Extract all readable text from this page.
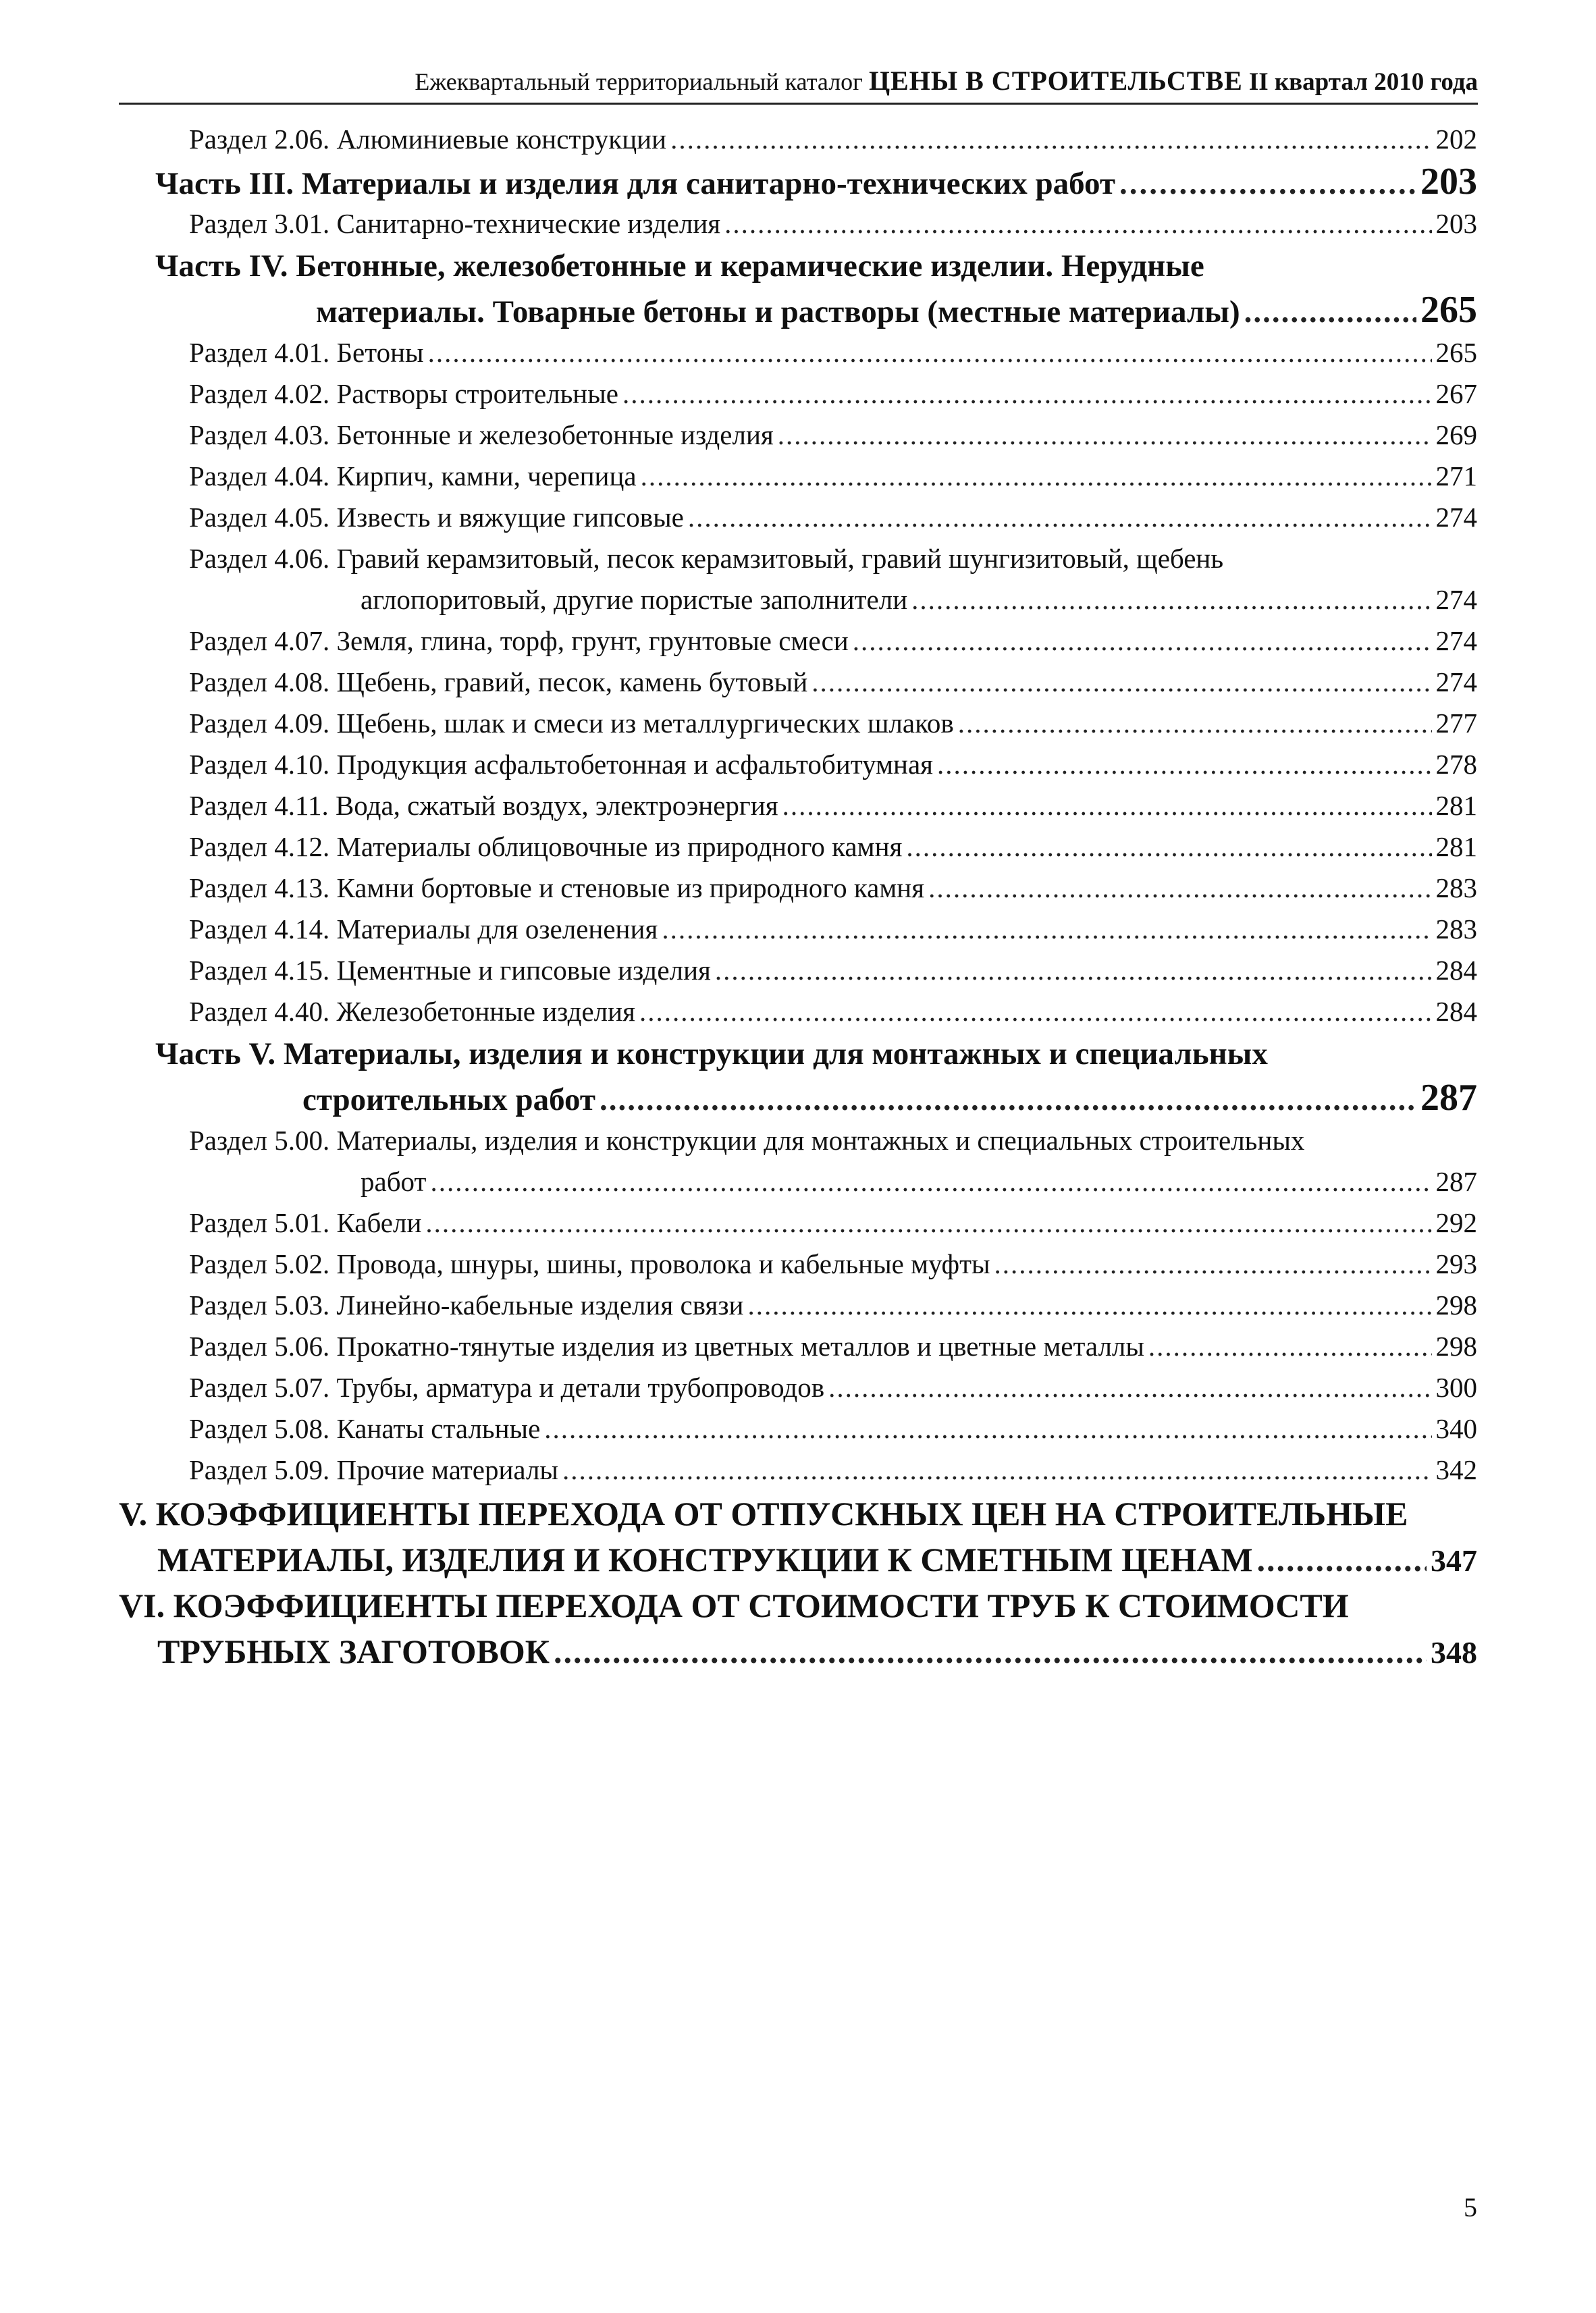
Ежеквартальный территориальный каталог ЦЕНЫ В СТРОИТЕЛЬСТВЕ II квартал 2010 года
Раздел 2.06. Алюминиевые конструкции .....	202
Часть III. Материалы и изделия для санитарно-технических работ .....	203
Раздел 3.01. Санитарно-технические изделия .....	203
Часть IV. Бетонные, железобетонные и керамические изделии. Нерудные
материалы. Товарные бетоны и растворы (местные материалы) .....	265
Раздел 4.01. Бетоны .....	265
Раздел 4.02. Растворы строительные .....	267
Раздел 4.03. Бетонные и железобетонные изделия .....	269
Раздел 4.04. Кирпич, камни, черепица .....	271
Раздел 4.05. Известь и вяжущие гипсовые .....	274
Раздел 4.06. Гравий керамзитовый, песок керамзитовый, гравий шунгизитовый, щебень
аглопоритовый, другие пористые заполнители .....	274
Раздел 4.07. Земля, глина, торф, грунт, грунтовые смеси .....	274
Раздел 4.08. Щебень, гравий, песок, камень бутовый .....	274
Раздел 4.09. Щебень, шлак и смеси из металлургических шлаков .....	277
Раздел 4.10. Продукция асфальтобетонная и асфальтобитумная .....	278
Раздел 4.11. Вода, сжатый воздух, электроэнергия .....	281
Раздел 4.12. Материалы облицовочные из природного камня .....	281
Раздел 4.13. Камни бортовые и стеновые из природного камня .....	283
Раздел 4.14. Материалы для озеленения .....	283
Раздел 4.15. Цементные и гипсовые изделия .....	284
Раздел 4.40. Железобетонные изделия .....	284
Часть V. Материалы, изделия и конструкции для монтажных и специальных
строительных работ .....	287
Раздел 5.00. Материалы, изделия и конструкции для монтажных и специальных строительных
работ .....	287
Раздел 5.01. Кабели .....	292
Раздел 5.02. Провода, шнуры, шины, проволока и кабельные муфты .....	293
Раздел 5.03. Линейно-кабельные изделия связи .....	298
Раздел 5.06. Прокатно-тянутые изделия из цветных металлов и цветные металлы .....	298
Раздел 5.07. Трубы, арматура и детали трубопроводов .....	300
Раздел 5.08. Канаты стальные .....	340
Раздел 5.09. Прочие материалы .....	342
V. КОЭФФИЦИЕНТЫ ПЕРЕХОДА ОТ ОТПУСКНЫХ ЦЕН НА СТРОИТЕЛЬНЫЕ
МАТЕРИАЛЫ, ИЗДЕЛИЯ И КОНСТРУКЦИИ К СМЕТНЫМ ЦЕНАМ .....	347
VI. КОЭФФИЦИЕНТЫ ПЕРЕХОДА ОТ СТОИМОСТИ ТРУБ К СТОИМОСТИ
ТРУБНЫХ ЗАГОТОВОК .....	348
5
